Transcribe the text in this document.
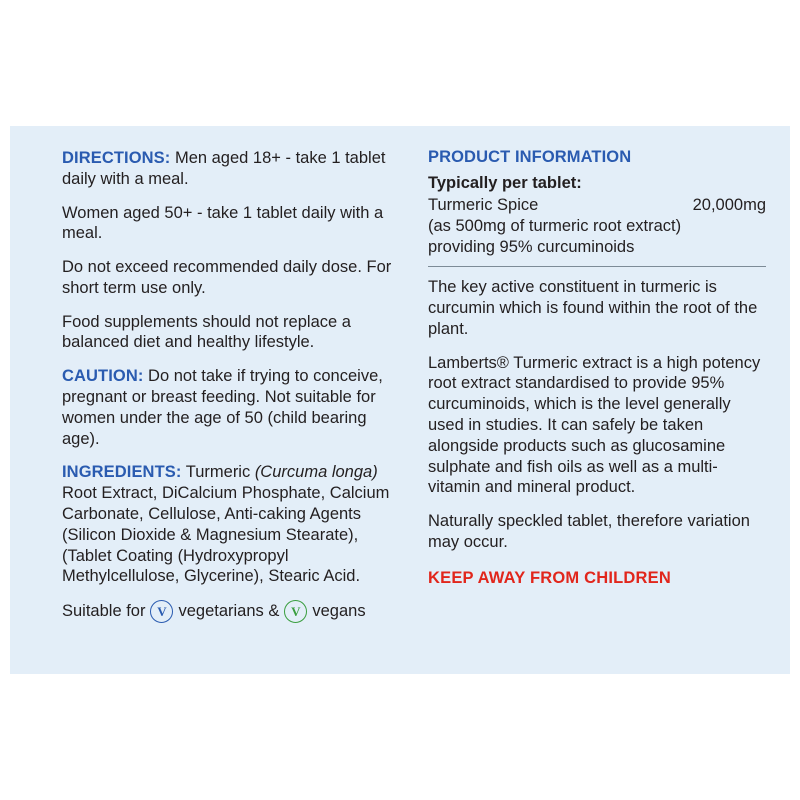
DIRECTIONS: Men aged 18+ - take 1 tablet daily with a meal.

Women aged 50+ - take 1 tablet daily with a meal.

Do not exceed recommended daily dose. For short term use only.

Food supplements should not replace a balanced diet and healthy lifestyle.

CAUTION: Do not take if trying to conceive, pregnant or breast feeding. Not suitable for women under the age of 50 (child bearing age).

INGREDIENTS: Turmeric (Curcuma longa) Root Extract, DiCalcium Phosphate, Calcium Carbonate, Cellulose, Anti-caking Agents (Silicon Dioxide & Magnesium Stearate), (Tablet Coating (Hydroxypropyl Methylcellulose, Glycerine), Stearic Acid.

Suitable for V vegetarians & V vegans
PRODUCT INFORMATION
Typically per tablet:
Turmeric Spice	20,000mg
(as 500mg of turmeric root extract)
providing 95% curcuminoids

The key active constituent in turmeric is curcumin which is found within the root of the plant.

Lamberts® Turmeric extract is a high potency root extract standardised to provide 95% curcuminoids, which is the level generally used in studies. It can safely be taken alongside products such as glucosamine sulphate and fish oils as well as a multi-vitamin and mineral product.

Naturally speckled tablet, therefore variation may occur.

KEEP AWAY FROM CHILDREN
